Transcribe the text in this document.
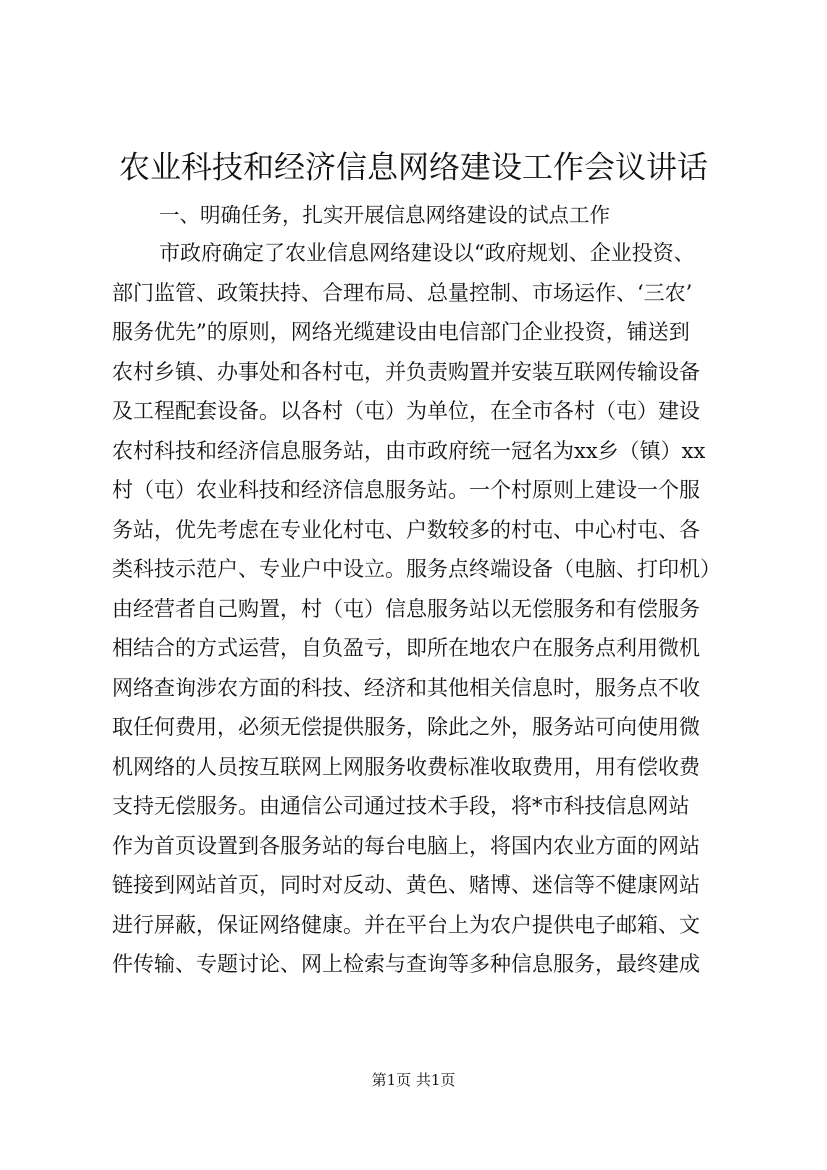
农业科技和经济信息网络建设工作会议讲话

一、明确任务，扎实开展信息网络建设的试点工作

市政府确定了农业信息网络建设以“政府规划、企业投资、
部门监管、政策扶持、合理布局、总量控制、市场运作、‘三农’
服务优先”的原则，网络光缆建设由电信部门企业投资，铺送到
农村乡镇、办事处和各村屯，并负责购置并安装互联网传输设备
及工程配套设备。以各村（屯）为单位，在全市各村（屯）建设
农村科技和经济信息服务站，由市政府统一冠名为xx乡（镇）xx
村（屯）农业科技和经济信息服务站。一个村原则上建设一个服
务站，优先考虑在专业化村屯、户数较多的村屯、中心村屯、各
类科技示范户、专业户中设立。服务点终端设备（电脑、打印机）
由经营者自己购置，村（屯）信息服务站以无偿服务和有偿服务
相结合的方式运营，自负盈亏，即所在地农户在服务点利用微机
网络查询涉农方面的科技、经济和其他相关信息时，服务点不收
取任何费用，必须无偿提供服务，除此之外，服务站可向使用微
机网络的人员按互联网上网服务收费标准收取费用，用有偿收费
支持无偿服务。由通信公司通过技术手段，将*市科技信息网站
作为首页设置到各服务站的每台电脑上，将国内农业方面的网站
链接到网站首页，同时对反动、黄色、赌博、迷信等不健康网站
进行屏蔽，保证网络健康。并在平台上为农户提供电子邮箱、文
件传输、专题讨论、网上检索与查询等多种信息服务，最终建成
第1页 共1页
